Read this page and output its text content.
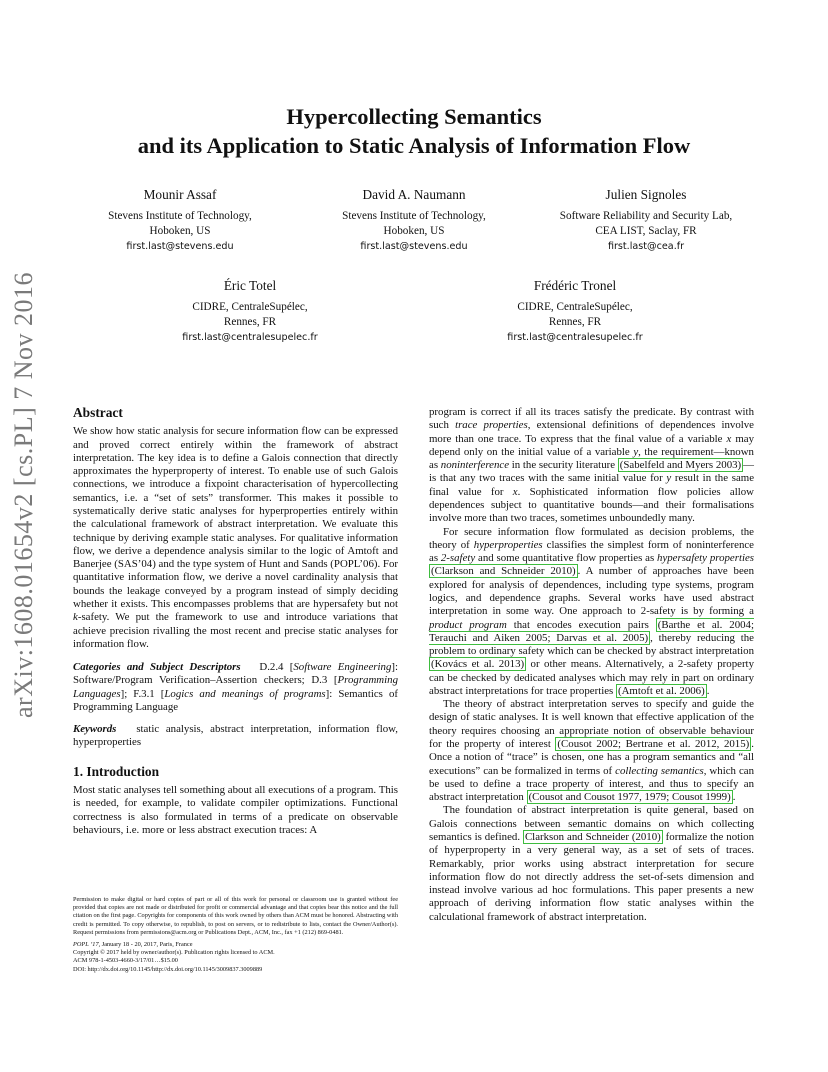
arXiv:1608.01654v2 [cs.PL] 7 Nov 2016
Hypercollecting Semantics
and its Application to Static Analysis of Information Flow
Mounir Assaf
Stevens Institute of Technology,
Hoboken, US
first.last@stevens.edu
David A. Naumann
Stevens Institute of Technology,
Hoboken, US
first.last@stevens.edu
Julien Signoles
Software Reliability and Security Lab,
CEA LIST, Saclay, FR
first.last@cea.fr
Éric Totel
CIDRE, CentraleSupélec,
Rennes, FR
first.last@centralesupelec.fr
Frédéric Tronel
CIDRE, CentraleSupélec,
Rennes, FR
first.last@centralesupelec.fr
Abstract

We show how static analysis for secure information flow can be expressed and proved correct entirely within the framework of abstract interpretation. The key idea is to define a Galois connection that directly approximates the hyperproperty of interest. To enable use of such Galois connections, we introduce a fixpoint characterisation of hypercollecting semantics, i.e. a “set of sets” transformer. This makes it possible to systematically derive static analyses for hyperproperties entirely within the calculational framework of abstract interpretation. We evaluate this technique by deriving example static analyses. For qualitative information flow, we derive a dependence analysis similar to the logic of Amtoft and Banerjee (SAS’04) and the type system of Hunt and Sands (POPL’06). For quantitative information flow, we derive a novel cardinality analysis that bounds the leakage conveyed by a program instead of simply deciding whether it exists. This encompasses problems that are hypersafety but not k-safety. We put the framework to use and introduce variations that achieve precision rivalling the most recent and precise static analyses for information flow.

Categories and Subject Descriptors D.2.4 [Software Engineering]: Software/Program Verification–Assertion checkers; D.3 [Programming Languages]; F.3.1 [Logics and meanings of programs]: Semantics of Programming Language

Keywords static analysis, abstract interpretation, information flow, hyperproperties

1. Introduction

Most static analyses tell something about all executions of a program. This is needed, for example, to validate compiler optimizations. Functional correctness is also formulated in terms of a predicate on observable behaviours, i.e. more or less abstract execution traces: A

Permission to make digital or hard copies of part or all of this work for personal or classroom use is granted without fee provided that copies are not made or distributed for profit or commercial advantage and that copies bear this notice and the full citation on the first page. Copyrights for components of this work owned by others than ACM must be honored. Abstracting with credit is permitted. To copy otherwise, to republish, to post on servers, or to redistribute to lists, contact the Owner/Author(s). Request permissions from permissions@acm.org or Publications Dept., ACM, Inc., fax +1 (212) 869-0481.

POPL ’17, January 18 - 20, 2017, Paris, France
Copyright © 2017 held by owner/author(s). Publication rights licensed to ACM.
ACM 978-1-4503-4660-3/17/01…$15.00
DOI: http://dx.doi.org/10.1145/http://dx.doi.org/10.1145/3009837.3009889

program is correct if all its traces satisfy the predicate. By contrast with such trace properties, extensional definitions of dependences involve more than one trace. To express that the final value of a variable x may depend only on the initial value of a variable y, the requirement—known as noninterference in the security literature (Sabelfeld and Myers 2003) —is that any two traces with the same initial value for y result in the same final value for x. Sophisticated information flow policies allow dependences subject to quantitative bounds—and their formalisations involve more than two traces, sometimes unboundedly many.

For secure information flow formulated as decision problems, the theory of hyperproperties classifies the simplest form of noninterference as 2-safety and some quantitative flow properties as hypersafety properties (Clarkson and Schneider 2010) . A number of approaches have been explored for analysis of dependences, including type systems, program logics, and dependence graphs. Several works have used abstract interpretation in some way. One approach to 2-safety is by forming a product program that encodes execution pairs (Barthe et al. 2004; Terauchi and Aiken 2005; Darvas et al. 2005) , thereby reducing the problem to ordinary safety which can be checked by abstract interpretation (Kovács et al. 2013) or other means. Alternatively, a 2-safety property can be checked by dedicated analyses which may rely in part on ordinary abstract interpretations for trace properties (Amtoft et al. 2006) .

The theory of abstract interpretation serves to specify and guide the design of static analyses. It is well known that effective application of the theory requires choosing an appropriate notion of observable behaviour for the property of interest (Cousot 2002; Bertrane et al. 2012, 2015) . Once a notion of “trace” is chosen, one has a program semantics and “all executions” can be formalized in terms of collecting semantics, which can be used to define a trace property of interest, and thus to specify an abstract interpretation (Cousot and Cousot 1977, 1979; Cousot 1999) .

The foundation of abstract interpretation is quite general, based on Galois connections between semantic domains on which collecting semantics is defined. Clarkson and Schneider (2010) formalize the notion of hyperproperty in a very general way, as a set of sets of traces. Remarkably, prior works using abstract interpretation for secure information flow do not directly address the set-of-sets dimension and instead involve various ad hoc formulations. This paper presents a new approach of deriving information flow static analyses within the calculational framework of abstract interpretation.
